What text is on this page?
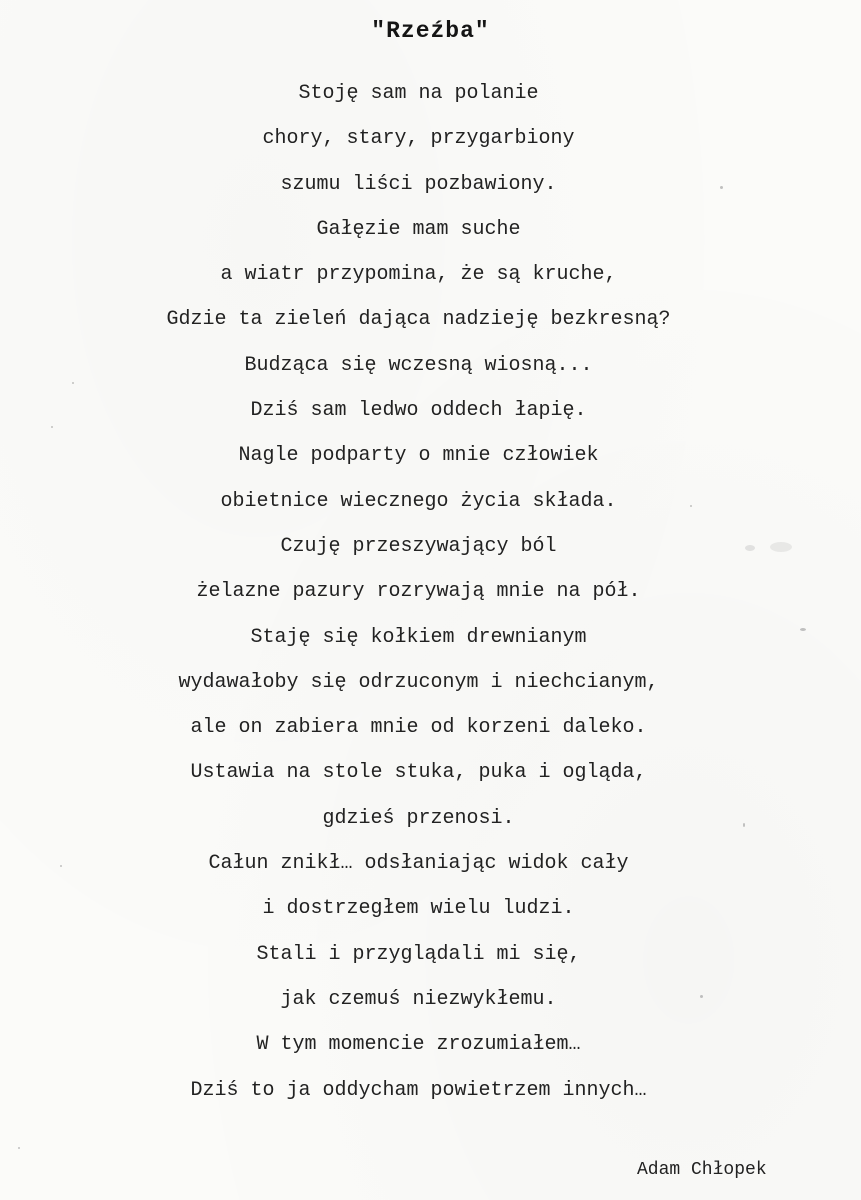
"Rzeźba"
Stoję sam na polanie
chory, stary, przygarbiony
szumu liści pozbawiony.
Gałęzie mam suche
a wiatr przypomina, że są kruche,
Gdzie ta zieleń dająca nadzieję bezkresną?
Budząca się wczesną wiosną...
Dziś sam ledwo oddech łapię.
Nagle podparty o mnie człowiek
obietnice wiecznego życia składa.
Czuję przeszywający ból
żelazne pazury rozrywają mnie na pół.
Staję się kołkiem drewnianym
wydawałoby się odrzuconym i niechcianym,
ale on zabiera mnie od korzeni daleko.
Ustawia na stole stuka, puka i ogląda,
gdzieś przenosi.
Całun znikł… odsłaniając widok cały
i dostrzegłem wielu ludzi.
Stali i przyglądali mi się,
jak czemuś niezwykłemu.
W tym momencie zrozumiałem…
Dziś to ja oddycham powietrzem innych…
Adam Chłopek
